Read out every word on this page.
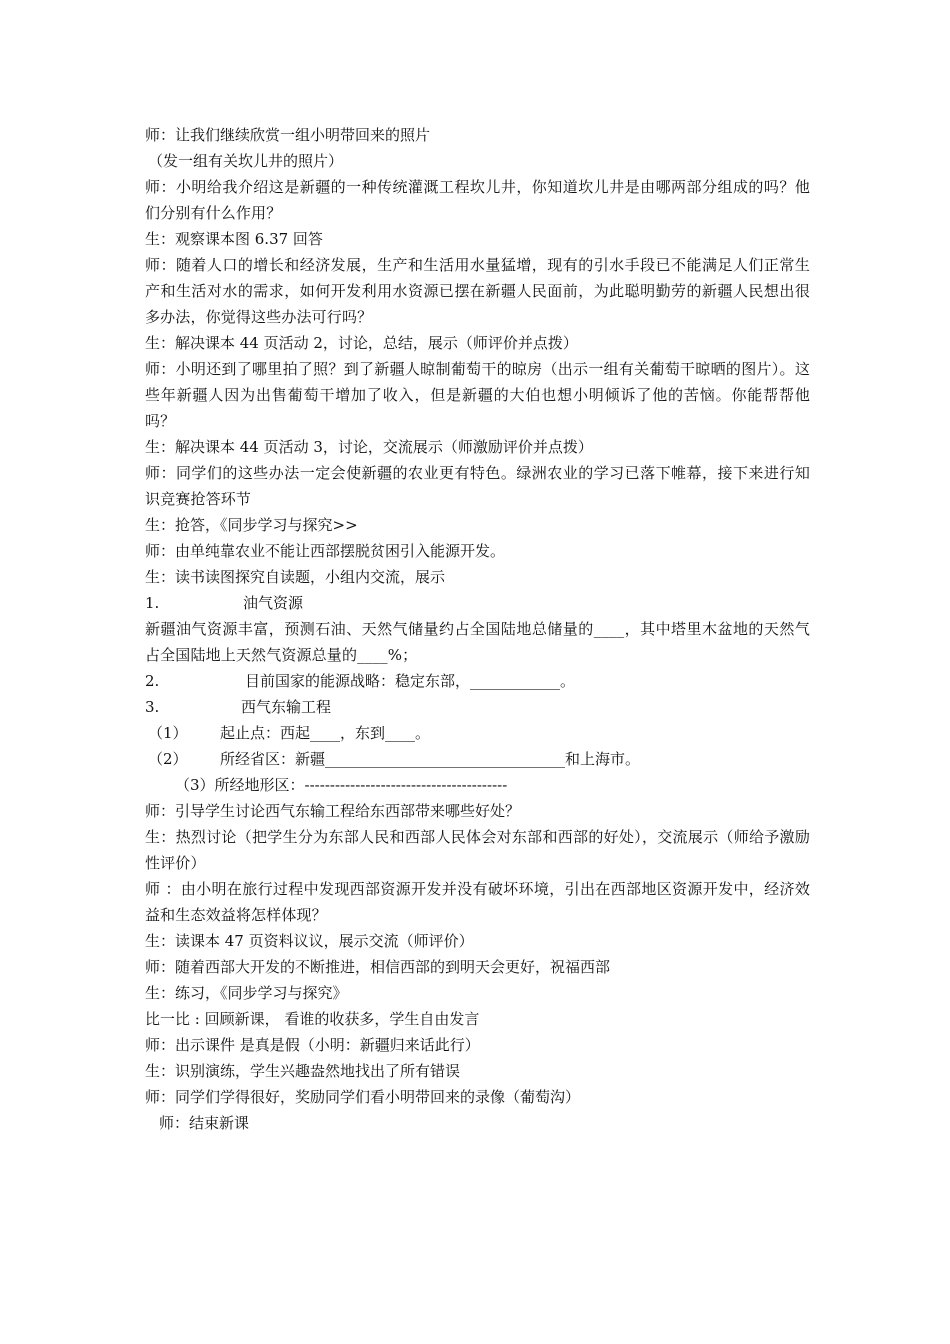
师：让我们继续欣赏一组小明带回来的照片
（发一组有关坎儿井的照片）
师：小明给我介绍这是新疆的一种传统灌溉工程坎儿井，你知道坎儿井是由哪两部分组成的吗？他们分别有什么作用？
生：观察课本图 6.37 回答
师：随着人口的增长和经济发展，生产和生活用水量猛增，现有的引水手段已不能满足人们正常生产和生活对水的需求，如何开发利用水资源已摆在新疆人民面前，为此聪明勤劳的新疆人民想出很多办法，你觉得这些办法可行吗？
生：解决课本 44 页活动 2，讨论，总结，展示（师评价并点拨）
师：小明还到了哪里拍了照？到了新疆人晾制葡萄干的晾房（出示一组有关葡萄干晾晒的图片）。这些年新疆人因为出售葡萄干增加了收入，但是新疆的大伯也想小明倾诉了他的苦恼。你能帮帮他吗？
生：解决课本 44 页活动 3，讨论，交流展示（师激励评价并点拨）
师：同学们的这些办法一定会使新疆的农业更有特色。绿洲农业的学习已落下帷幕，接下来进行知识竞赛抢答环节
生：抢答，《同步学习与探究>>
师：由单纯靠农业不能让西部摆脱贫困引入能源开发。
生：读书读图探究自读题，小组内交流，展示
1.	油气资源
新疆油气资源丰富，预测石油、天然气储量约占全国陆地总储量的____，其中塔里木盆地的天然气占全国陆地上天然气资源总量的____%；
2.	目前国家的能源战略：稳定东部，____________。
3.	西气东输工程
（1） 起止点：西起____，东到____。
（2） 所经省区：新疆________________________________和上海市。
（3）所经地形区：----------------------------------------
师：引导学生讨论西气东输工程给东西部带来哪些好处？
生：热烈讨论（把学生分为东部人民和西部人民体会对东部和西部的好处），交流展示（师给予激励性评价）
师 ：由小明在旅行过程中发现西部资源开发并没有破坏环境，引出在西部地区资源开发中，经济效益和生态效益将怎样体现？
生：读课本 47 页资料议议，展示交流（师评价）
师：随着西部大开发的不断推进，相信西部的到明天会更好，祝福西部
生：练习，《同步学习与探究》
比一比 : 回顾新课， 看谁的收获多，学生自由发言
师：出示课件 是真是假（小明：新疆归来话此行）
生：识别演练，学生兴趣盎然地找出了所有错误
师：同学们学得很好，奖励同学们看小明带回来的录像（葡萄沟）
师：结束新课
